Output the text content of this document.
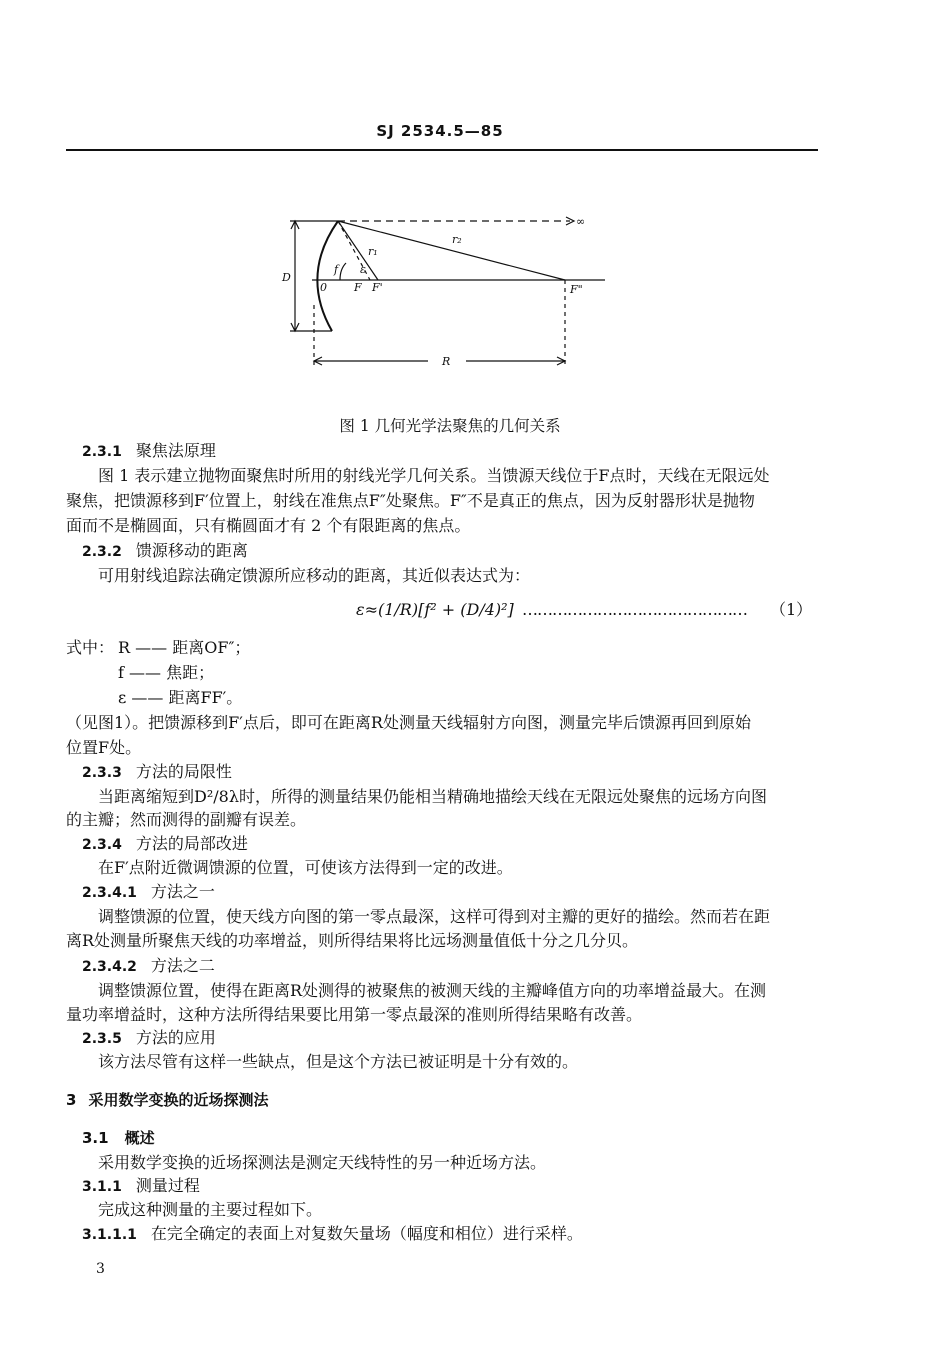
SJ 2534.5—85
∞
r₁
r₂
D
f ε
0 F F'	F"
R
图 1 几何光学法聚焦的几何关系
2.3.1 聚焦法原理
图 1 表示建立抛物面聚焦时所用的射线光学几何关系。当馈源天线位于F点时，天线在无限远处
聚焦，把馈源移到F′位置上，射线在准焦点F″处聚焦。F″不是真正的焦点，因为反射器形状是抛物
面而不是椭圆面，只有椭圆面才有 2 个有限距离的焦点。
2.3.2 馈源移动的距离
可用射线追踪法确定馈源所应移动的距离，其近似表达式为：
ε≈(1/R)[f² + (D/4)²] ……………………………………… （1）
式中： R —— 距离OF″；
f —— 焦距；
ε —— 距离FF′。
（见图1）。把馈源移到F′点后，即可在距离R处测量天线辐射方向图，测量完毕后馈源再回到原始
位置F处。
2.3.3 方法的局限性
当距离缩短到D²/8λ时，所得的测量结果仍能相当精确地描绘天线在无限远处聚焦的远场方向图
的主瓣；然而测得的副瓣有误差。
2.3.4 方法的局部改进
在F′点附近微调馈源的位置，可使该方法得到一定的改进。
2.3.4.1 方法之一
调整馈源的位置，使天线方向图的第一零点最深，这样可得到对主瓣的更好的描绘。然而若在距
离R处测量所聚焦天线的功率增益，则所得结果将比远场测量值低十分之几分贝。
2.3.4.2 方法之二
调整馈源位置，使得在距离R处测得的被聚焦的被测天线的主瓣峰值方向的功率增益最大。在测
量功率增益时，这种方法所得结果要比用第一零点最深的准则所得结果略有改善。
2.3.5 方法的应用
该方法尽管有这样一些缺点，但是这个方法已被证明是十分有效的。
3 采用数学变换的近场探测法
3.1 概述
采用数学变换的近场探测法是测定天线特性的另一种近场方法。
3.1.1 测量过程
完成这种测量的主要过程如下。
3.1.1.1 在完全确定的表面上对复数矢量场（幅度和相位）进行采样。
3
